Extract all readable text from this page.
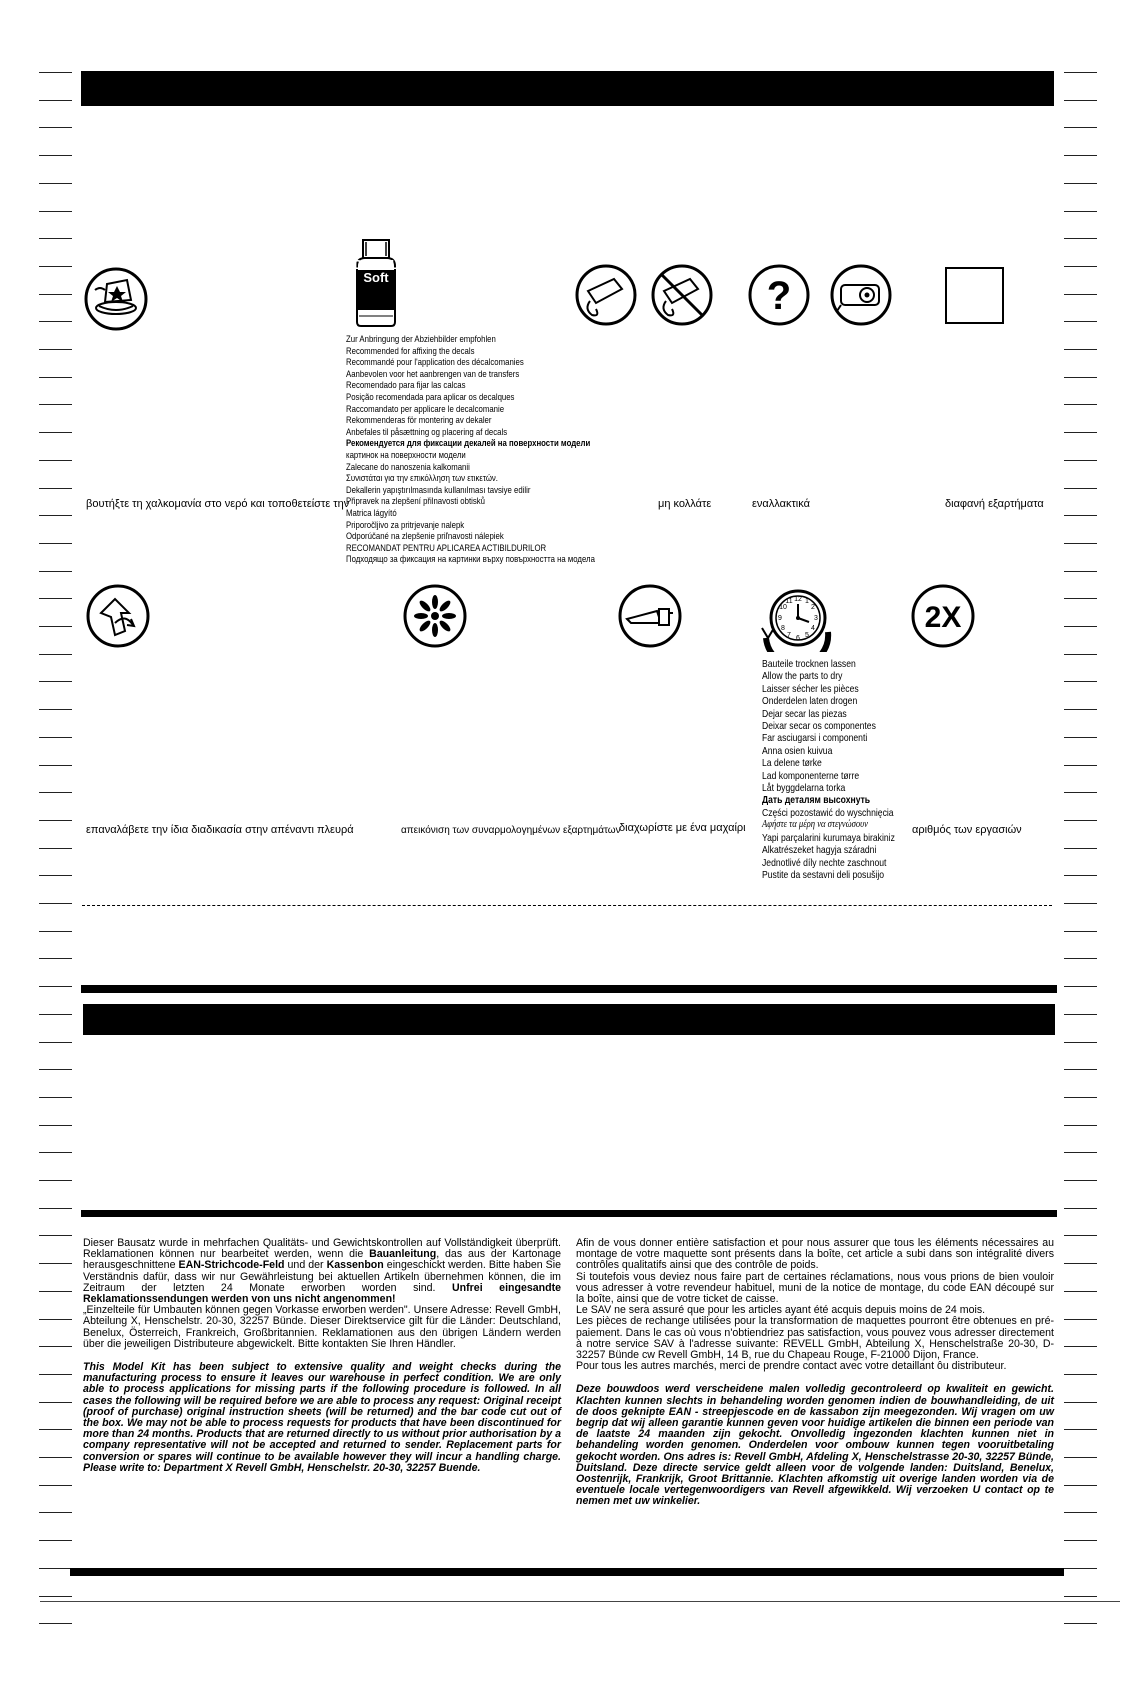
DECAL
Soft
Zur Anbringung der Abziehbilder empfohlen
Recommended for affixing the decals
Recommandé pour l'application des décalcomanies
Aanbevolen voor het aanbrengen van de transfers
Recomendado para fijar las calcas
Posição recomendada para aplicar os decalques
Raccomandato per applicare le decalcomanie
Rekommenderas för montering av dekaler
Anbefales til påsættning og placering af decals
Рекомендуется для фиксации декалей на поверхности модели
картинок на поверхности модели
Zalecane do nanoszenia kalkomanii
Συνιστάται για την επικόλληση των ετικετών.
Dekallerin yapıştırılmasında kullanılması tavsiye edilir
Připravek na zlepšení přilnavosti obtisků
Matrica lágyító
Priporočljivo za pritrjevanje nalepk
Odporúčané na zlepšenie priľnavosti nálepiek
RECOMANDAT PENTRU APLICAREA ACTIBILDURILOR
Подходящо за фиксация на картинки върху повърхността на модела
?
βουτήξτε τη χαλκομανία στο νερό και τοποθετείστε την	μη κολλάτε	εναλλακτικά	διαφανή εξαρτήματα
12 1
2
3
4
5
6
7
8
9
10
11	2X
Bauteile trocknen lassen
Allow the parts to dry
Laisser sécher les pièces
Onderdelen laten drogen
Dejar secar las piezas
Deixar secar os componentes
Far asciugarsi i componenti
Anna osien kuivua
La delene tørke
Lad komponenterne tørre
Låt byggdelarna torka
Дать деталям высохнуть
Części pozostawić do wyschnięcia
Αφήστε τα μέρη να στεγνώσουν
Yapi parçalarini kurumaya birakiniz
Alkatrészeket hagyja száradni
Jednotlivé díly nechte zaschnout
Pustite da sestavni deli posušijo
επαναλάβετε την ίδια διαδικασία στην απέναντι πλευρά	απεικόνιση των συναρμολογημένων εξαρτημάτων
διαχωρίστε με ένα μαχαίρι	αριθμός των εργασιών

Dieser Bausatz wurde in mehrfachen Qualitäts- und Gewichtskontrollen auf Vollständigkeit überprüft. Reklamationen können nur bearbeitet werden, wenn die Bauanleitung, das aus der Kartonage herausgeschnittene EAN-Strichcode-Feld und der Kassenbon eingeschickt werden. Bitte haben Sie Verständnis dafür, dass wir nur Gewährleistung bei aktuellen Artikeln übernehmen können, die im Zeitraum der letzten 24 Monate erworben worden sind. Unfrei eingesandte Reklamationssendungen werden von uns nicht angenommen!
„Einzelteile für Umbauten können gegen Vorkasse erworben werden". Unsere Adresse: Revell GmbH, Abteilung X, Henschelstr. 20-30, 32257 Bünde. Dieser Direktservice gilt für die Länder: Deutschland, Benelux, Österreich, Frankreich, Großbritannien. Reklamationen aus den übrigen Ländern werden über die jeweiligen Distributeure abgewickelt. Bitte kontakten Sie Ihren Händler.

This Model Kit has been subject to extensive quality and weight checks during the manufacturing process to ensure it leaves our warehouse in perfect condition. We are only able to process applications for missing parts if the following procedure is followed. In all cases the following will be required before we are able to process any request: Original receipt (proof of purchase) original instruction sheets (will be returned) and the bar code cut out of the box. We may not be able to process requests for products that have been discontinued for more than 24 months. Products that are returned directly to us without prior authorisation by a company representative will not be accepted and returned to sender. Replacement parts for conversion or spares will continue to be available however they will incur a handling charge. Please write to: Department X Revell GmbH, Henschelstr. 20-30, 32257 Buende.

Afin de vous donner entière satisfaction et pour nous assurer que tous les éléments nécessaires au montage de votre maquette sont présents dans la boîte, cet article a subi dans son intégralité divers contrôles qualitatifs ainsi que des contrôle de poids.
Si toutefois vous deviez nous faire part de certaines réclamations, nous vous prions de bien vouloir vous adresser à votre revendeur habituel, muni de la notice de montage, du code EAN découpé sur la boîte, ainsi que de votre ticket de caisse.
Le SAV ne sera assuré que pour les articles ayant été acquis depuis moins de 24 mois.
Les pièces de rechange utilisées pour la transformation de maquettes pourront être obtenues en pré-paiement. Dans le cas où vous n'obtiendriez pas satisfaction, vous pouvez vous adresser directement à notre service SAV à l'adresse suivante: REVELL GmbH, Abteilung X, Henschelstraße 20-30, D-32257 Bünde cw Revell GmbH, 14 B, rue du Chapeau Rouge, F-21000 Dijon, France.
Pour tous les autres marchés, merci de prendre contact avec votre detaillant ôu distributeur.

Deze bouwdoos werd verscheidene malen volledig gecontroleerd op kwaliteit en gewicht. Klachten kunnen slechts in behandeling worden genomen indien de bouwhandleiding, de uit de doos geknipte EAN - streepjescode en de kassabon zijn meegezonden. Wij vragen om uw begrip dat wij alleen garantie kunnen geven voor huidige artikelen die binnen een periode van de laatste 24 maanden zijn gekocht. Onvolledig ingezonden klachten kunnen niet in behandeling worden genomen. Onderdelen voor ombouw kunnen tegen vooruitbetaling gekocht worden. Ons adres is: Revell GmbH, Afdeling X, Henschelstrasse 20-30, 32257 Bünde, Duitsland. Deze directe service geldt alleen voor de volgende landen: Duitsland, Benelux, Oostenrijk, Frankrijk, Groot Brittannie. Klachten afkomstig uit overige landen worden via de eventuele locale vertegenwoordigers van Revell afgewikkeld. Wij verzoeken U contact op te nemen met uw winkelier.
